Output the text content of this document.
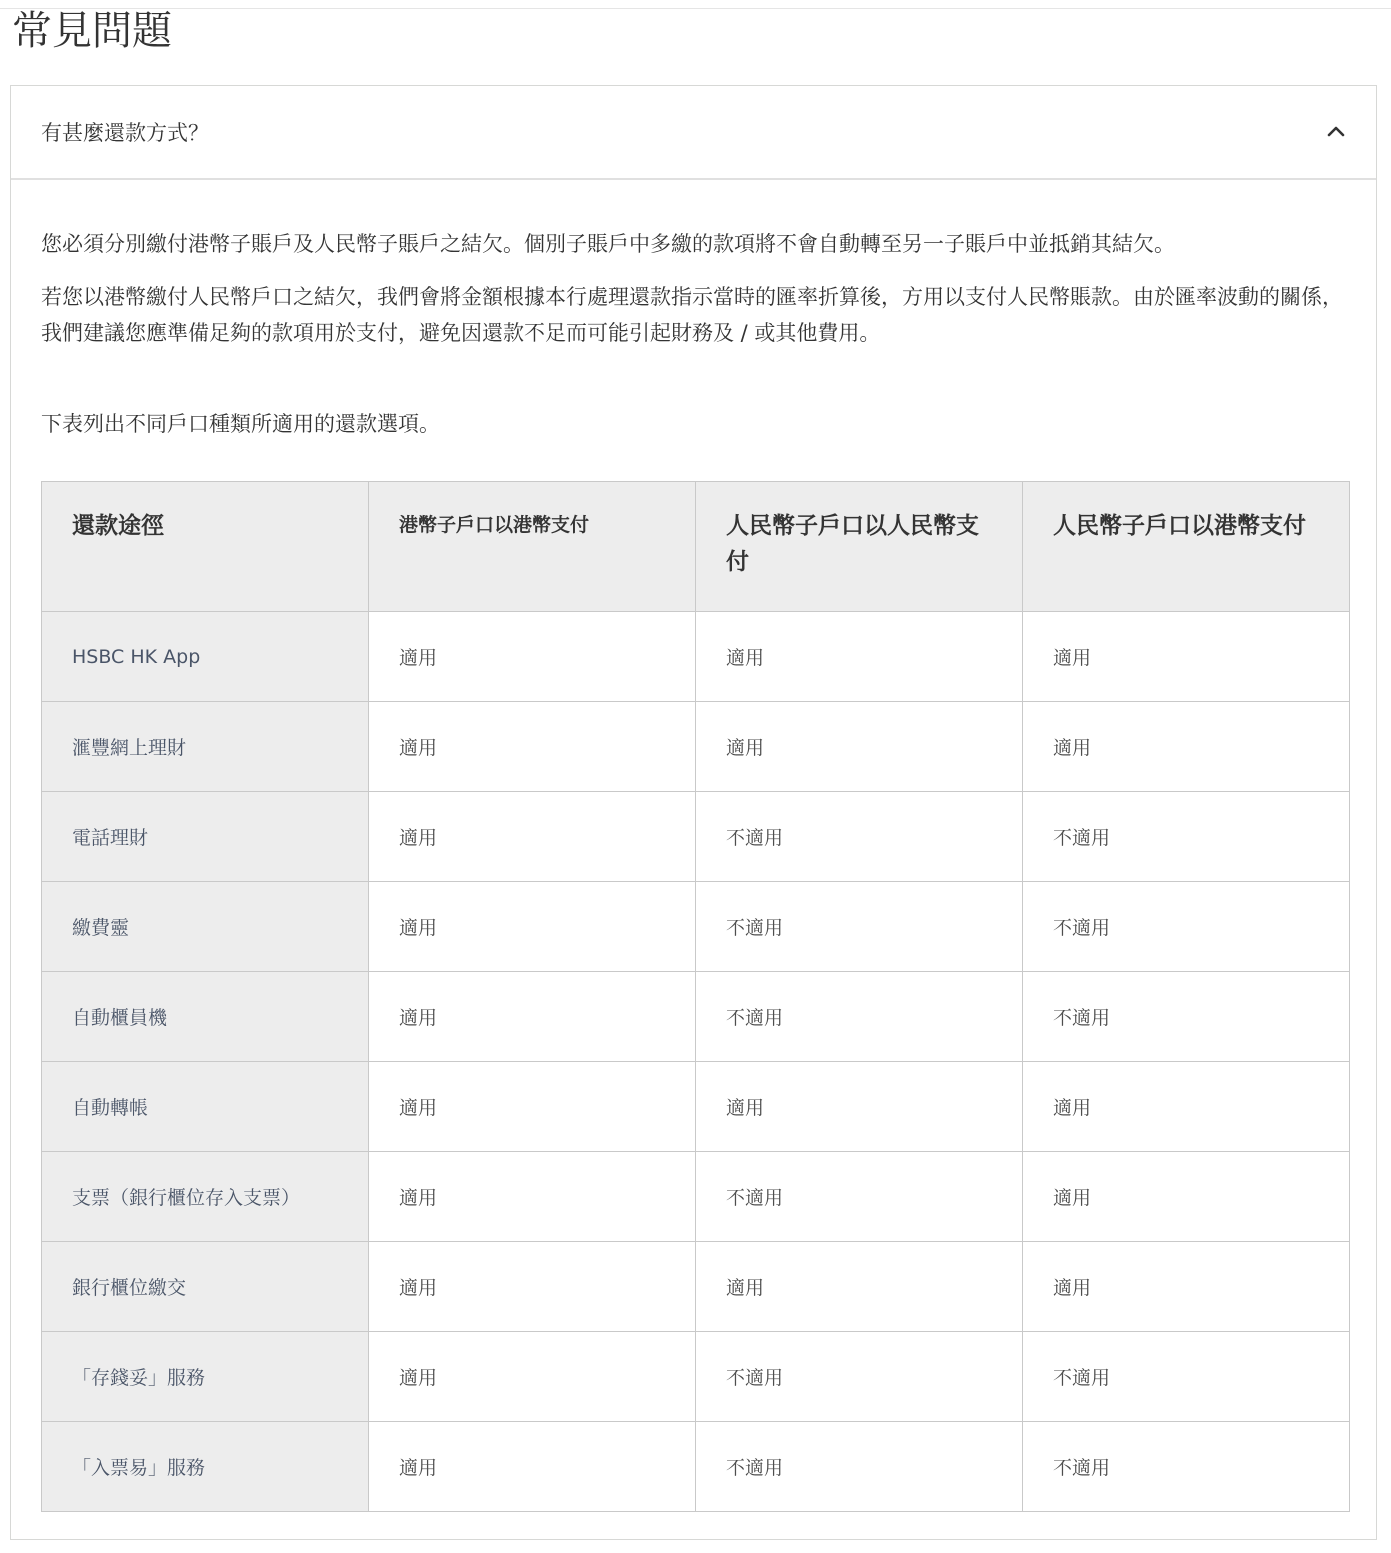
常見問題
有甚麼還款方式？

您必須分別繳付港幣子賬戶及人民幣子賬戶之結欠。個別子賬戶中多繳的款項將不會自動轉至另一子賬戶中並抵銷其結欠。

若您以港幣繳付人民幣戶口之結欠，我們會將金額根據本行處理還款指示當時的匯率折算後，方用以支付人民幣賬款。由於匯率波動的關係，我們建議您應準備足夠的款項用於支付，避免因還款不足而可能引起財務及 / 或其他費用。

下表列出不同戶口種類所適用的還款選項。

還款途徑	港幣子戶口以港幣支付	人民幣子戶口以人民幣支付	人民幣子戶口以港幣支付
HSBC HK App	適用	適用	適用
滙豐網上理財	適用	適用	適用
電話理財	適用	不適用	不適用
繳費靈	適用	不適用	不適用
自動櫃員機	適用	不適用	不適用
自動轉帳	適用	適用	適用
支票（銀行櫃位存入支票）	適用	不適用	適用
銀行櫃位繳交	適用	適用	適用
「存錢妥」服務	適用	不適用	不適用
「入票易」服務	適用	不適用	不適用
